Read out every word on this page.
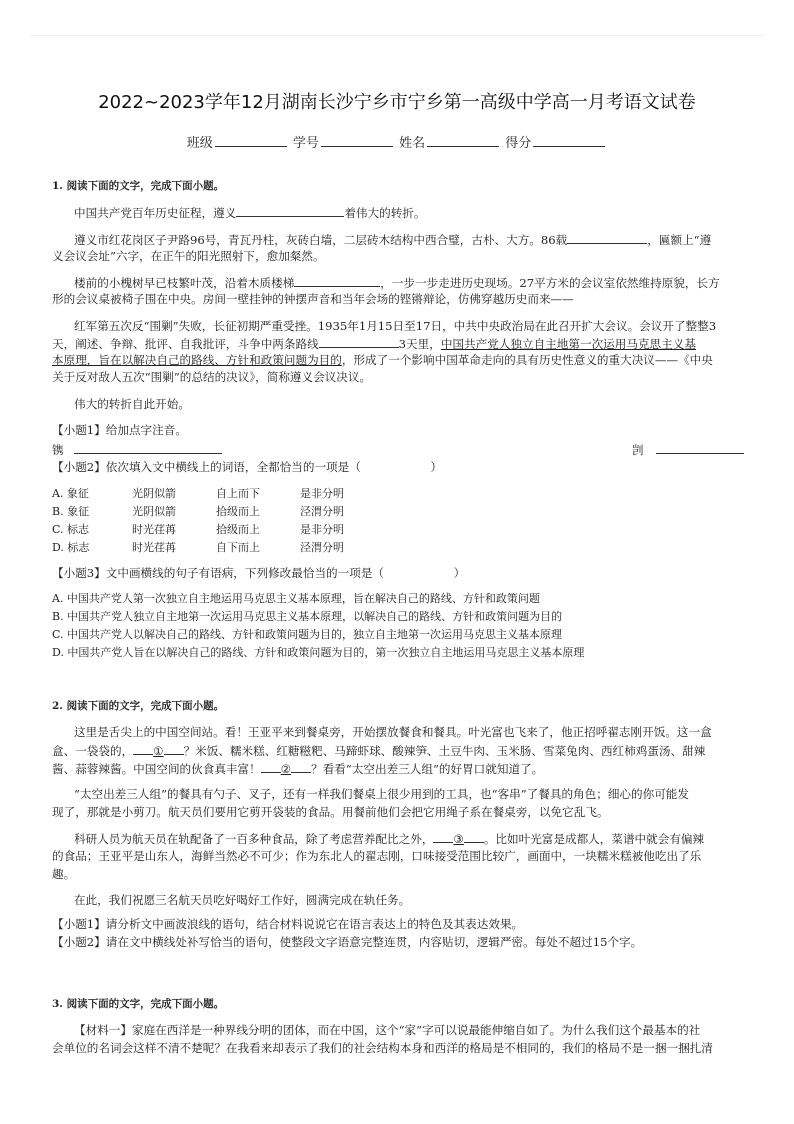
2022~2023学年12月湖南长沙宁乡市宁乡第一高级中学高一月考语文试卷
班级	学号	姓名	得分
1. 阅读下面的文字，完成下面小题。
中国共产党百年历史征程，遵义	着伟大的转折。
遵义市红花岗区子尹路96号，青瓦丹柱，灰砖白墙，二层砖木结构中西合璧，古朴、大方。86载	，匾额上“遵
义会议会址”六字，在正午的阳光照射下，愈加粲然。
楼前的小槐树早已枝繁叶茂，沿着木质楼梯	，一步一步走进历史现场。27平方米的会议室依然维持原貌，长方
形的会议桌被椅子围在中央。房间一壁挂钟的钟摆声音和当年会场的铿锵辩论，仿佛穿越历史而来——
红军第五次反“围剿”失败，长征初期严重受挫。1935年1月15日至17日，中共中央政治局在此召开扩大会议。会议开了整整3
天，阐述、争辩、批评、自我批评，斗争中两条路线	3天里，中国共产党人独立自主地第一次运用马克思主义基
本原理，旨在以解决自己的路线、方针和政策问题为目的，形成了一个影响中国革命走向的具有历史性意义的重大决议——《中央
关于反对敌人五次“围剿”的总结的决议》，简称遵义会议决议。
伟大的转折自此开始。
【小题1】给加点字注音。
镌	剀
【小题2】依次填入文中横线上的词语，全都恰当的一项是（　　　　　　）
A. 象征	光阴似箭	自上而下	是非分明
B. 象征	光阴似箭	拾级而上	泾渭分明
C. 标志	时光荏苒	拾级而上	是非分明
D. 标志	时光荏苒	自下而上	泾渭分明
【小题3】文中画横线的句子有语病，下列修改最恰当的一项是（　　　　　　）
A. 中国共产党人第一次独立自主地运用马克思主义基本原理，旨在解决自己的路线、方针和政策问题
B. 中国共产党人独立自主地第一次运用马克思主义基本原理，以解决自己的路线、方针和政策问题为目的
C. 中国共产党人以解决自己的路线、方针和政策问题为目的，独立自主地第一次运用马克思主义基本原理
D. 中国共产党人旨在以解决自己的路线、方针和政策问题为目的，第一次独立自主地运用马克思主义基本原理
2. 阅读下面的文字，完成下面小题。
这里是舌尖上的中国空间站。看！王亚平来到餐桌旁，开始摆放餐食和餐具。叶光富也飞来了，他正招呼翟志刚开饭。这一盒
盒、一袋袋的， ① ？米饭、糯米糕、红糖糍粑、马蹄虾球、酸辣笋、土豆牛肉、玉米肠、雪菜兔肉、西红柿鸡蛋汤、甜辣
酱、蒜蓉辣酱。中国空间的伙食真丰富！ ② ？看看“太空出差三人组”的好胃口就知道了。
“太空出差三人组”的餐具有勺子、叉子，还有一样我们餐桌上很少用到的工具，也“客串”了餐具的角色；细心的你可能发
现了，那就是小剪刀。航天员们要用它剪开袋装的食品。用餐前他们会把它用绳子系在餐桌旁，以免它乱飞。
科研人员为航天员在轨配备了一百多种食品，除了考虑营养配比之外， ③ 。比如叶光富是成都人，菜谱中就会有偏辣
的食品；王亚平是山东人，海鲜当然必不可少；作为东北人的翟志刚，口味接受范围比较广，画面中，一块糯米糕被他吃出了乐
趣。
在此，我们祝愿三名航天员吃好喝好工作好，圆满完成在轨任务。
【小题1】请分析文中画波浪线的语句，结合材料说说它在语言表达上的特色及其表达效果。
【小题2】请在文中横线处补写恰当的语句，使整段文字语意完整连贯，内容贴切，逻辑严密。每处不超过15个字。
3. 阅读下面的文字，完成下面小题。
【材料一】家庭在西洋是一种界线分明的团体，而在中国，这个“家”字可以说最能伸缩自如了。为什么我们这个最基本的社
会单位的名词会这样不清不楚呢？在我看来却表示了我们的社会结构本身和西洋的格局是不相同的，我们的格局不是一捆一捆扎清
